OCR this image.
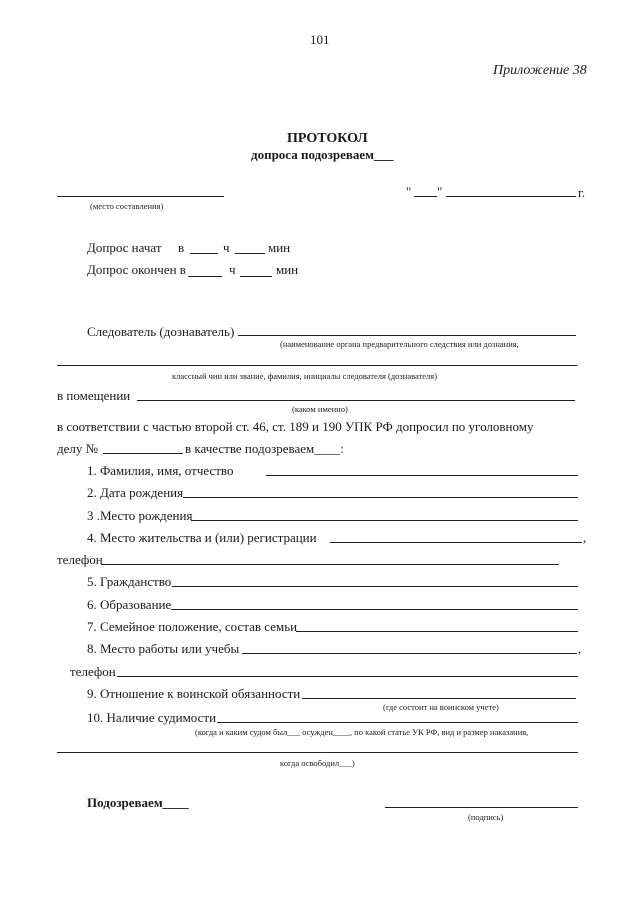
101
Приложение 38
ПРОТОКОЛ
допроса подозреваем___
(место составления)
" "	г.
Допрос начат в	ч	мин
Допрос окончен в	ч	мин
Следователь (дознаватель)
(наименование органа предварительного следствия или дознания,
классный чин или звание, фамилия, инициалы следователя (дознавателя)
в помещении
(каком именно)
в соответствии с частью второй ст. 46, ст. 189 и 190 УПК РФ допросил по уголовному
делу №	в качестве подозреваем____:
1. Фамилия, имя, отчество
2. Дата рождения
3 .Место рождения
4. Место жительства и (или) регистрации	,
телефон
5. Гражданство
6. Образование
7. Семейное положение, состав семьи
8. Место работы или учебы	,
телефон
9. Отношение к воинской обязанности
(где состоит на воинском учете)
10. Наличие судимости
(когда и каким судом был___ осужден____, по какой статье УК РФ, вид и размер наказания,
когда освободил___)
Подозреваем____
(подпись)
